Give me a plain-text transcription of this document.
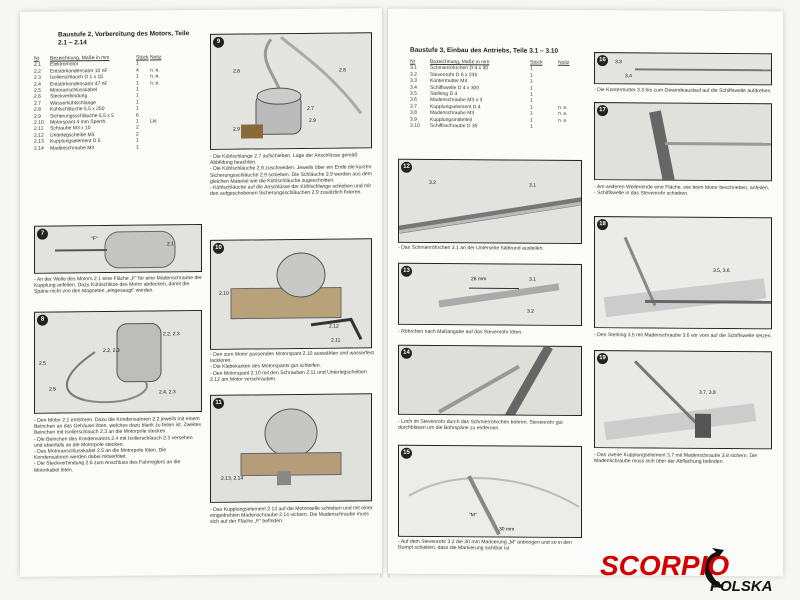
Baustufe 2, Vorbereitung des Motors, Teile 2.1 – 2.14
Nr	Bezeichnung, Maße in mm	Stück Notiz
2.1	Elektromotor	1
2.2	Entstörkondensator 10 nF	4	n. e.
2.3	Isolierschlauch D 1 x 15	1	n. e.
2.4	Entstörkondensator 47 nF	1	n. e.
2.5	Motoranschlusskabel	1
2.6	Steckverbindung	1
2.7	Wasserkühlschlange	1
2.8	Kühlschläuche 5,5 x 250	1
2.9	Sicherungsschläuche 5,5 x 5	6
2.10	Motorspant 4 mm Sperrh.	1	Lkt
2.11	Schraube M3 x 10	2
2.12	Unterlegscheibe M3	2
2.13	Kupplungselement D 5	1
2.14	Madenschraube M3	1
9
2.8	2.8
2.7
2.9
2.9

- Die Kühlschlange 2.7 aufschieben. Lage der Anschlüsse gemäß Abbildung beachten.

- Die Kühlschläuche 2.8 zuschneiden. Jeweils über ein Ende die kurzen Sicherungsschläuche 2.9 schieben. Die Schläuche 2.9 werden aus dem gleichen Material wie die Kühlschläuche zugeschnitten.

- Kühlschläuche auf die Anschlüsse der Kühlschlange schieben und mit den aufgeschobenen Sicherungsschläuchen 2.9 zusätzlich fixieren.

7
"F"
2.1
- An der Welle des Motors 2.1 eine Fläche „F“ für eine Madenschraube der Kupplung anfeilen. Dazu Kühlschlitze des Motor abdecken, damit die Späne nicht von den Magneten „eingesaugt“ werden.
8
2.2, 2.3
2.2, 2.3
2.5
2.5	2.4, 2.3

- Den Motor 2.1 entstören. Dazu die Kondensatoren 2.2 jeweils mit einem Beinchen an das Gehäuse löten, welches dazu blank zu feilen ist. Zweites Beinchen mit Isolierschlauch 2.3 an die Motorpole stecken.

- Die Beinchen des Kondensators 2.4 mit Isolierschlauch 2.3 versehen und ebenfalls an die Motorpole stecken.

- Das Motoranschlusskabel 2.5 an die Motorpole löten. Die Kondensatoren werden dabei mitverlötet.

- Die Steckverbindung 2.6 zum Anschluss des Fahrreglers an die Motorkabel löten.

10
2.10
2.12
2.11

- Den zum Motor passenden Motorspant 2.10 auswählen und wasserfest lackieren.

- Die Klebekanten des Motorspants gut schleifen.

- Den Motorspant 2.10 mit den Schrauben 2.11 und Unterlegscheiben 2.12 am Motor verschrauben.

11
2.13, 2.14
- Das Kupplungselement 2.13 auf die Motorwelle schieben und mit einer eingedrehten Madenschraube 2.14 sichern. Die Madenschraube muss sich auf der Fläche „F“ befinden.
Baustufe 3, Einbau des Antriebs, Teile 3.1 – 3.10
Nr	Bezeichnung, Maße in mm	Stück	Notiz
3.1	Schmierröhrchen D 4 x 30	1
3.2	Stevenrohr D 6 x 235	1
3.3	Kontermutter M4	1
3.4	Schiffswelle D 4 x 300	1
3.5	Stellring D 4	1
3.6	Madenschraube M3 x 3	1
3.7	Kupplungselement D 4	1	n. e.
3.8	Madenschraube M3	1	n. e.
3.9	Kupplungsmittelteil	1	n. e.
3.10	Schiffsschraube D 35	1
12
3.2	3.1
- Das Schmierröhrchen 3.1 an der Unterseite halbrund ausfeilen.
13
26 mm	3.1
3.2
- Röhrchen nach Maßangabe auf das Stevenrohr löten.
14
- Loch im Stevenrohr durch das Schmierröhrchen bohren. Stevenrohr gut durchblasen um die Bohrspäne zu entfernen.
15
"M"
30 mm
- Auf dem Stevenrohr 3.2 die 30 mm Markierung „M“ anbringen und so in den Rumpf schieben, dass die Markierung sichtbar ist
16	3.3
3.4
- Die Kontermutter 3.3 bis zum Gewindeauslauf auf die Schiffswelle aufdrehen.
17

- Am anderen Wellenende eine Fläche, wie beim Motor beschrieben, anfeilen.

- Schiffswelle in das Stevenrohr schieben.

18
3.5, 3.6
- Den Stellring 3.5 mit Madenschraube 3.6 vor vorn auf die Schiffswelle setzen.
19
3.7, 3.8
- Das zweite Kupplungselement 3.7 mit Madenschraube 3.8 sichern. Die Madenschraube muss sich über der Abflachung befinden
SCORPIO
POLSKA
